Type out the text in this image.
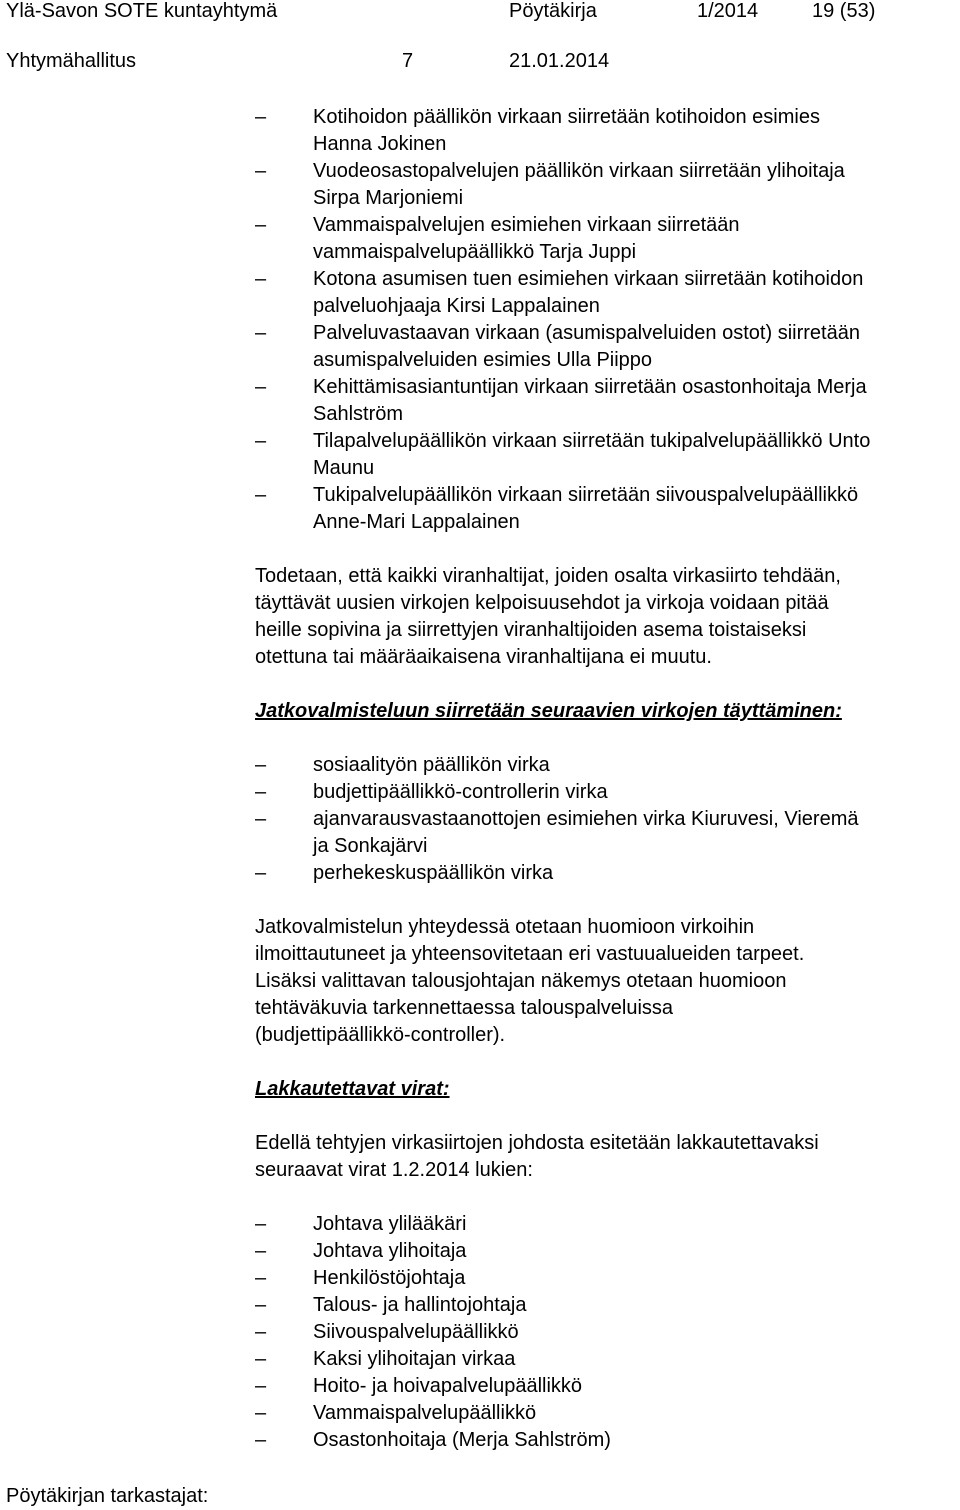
Ylä-Savon SOTE kuntayhtymä	Pöytäkirja	1/2014	19 (53)
Yhtymähallitus	7	21.01.2014
–	Kotihoidon päällikön virkaan siirretään kotihoidon esimies
Hanna Jokinen
–	Vuodeosastopalvelujen päällikön virkaan siirretään ylihoitaja
Sirpa Marjoniemi
–	Vammaispalvelujen esimiehen virkaan siirretään
vammaispalvelupäällikkö Tarja Juppi
–	Kotona asumisen tuen esimiehen virkaan siirretään kotihoidon
palveluohjaaja Kirsi Lappalainen
–	Palveluvastaavan virkaan (asumispalveluiden ostot) siirretään
asumispalveluiden esimies Ulla Piippo
–	Kehittämisasiantuntijan virkaan siirretään osastonhoitaja Merja
Sahlström
–	Tilapalvelupäällikön virkaan siirretään tukipalvelupäällikkö Unto
Maunu
–	Tukipalvelupäällikön virkaan siirretään siivouspalvelupäällikkö
Anne-Mari Lappalainen
Todetaan, että kaikki viranhaltijat, joiden osalta virkasiirto tehdään,
täyttävät uusien virkojen kelpoisuusehdot ja virkoja voidaan pitää
heille sopivina ja siirrettyjen viranhaltijoiden asema toistaiseksi
otettuna tai määräaikaisena viranhaltijana ei muutu.

Jatkovalmisteluun siirretään seuraavien virkojen täyttäminen:

–	sosiaalityön päällikön virka
–	budjettipäällikkö-controllerin virka
–	ajanvarausvastaanottojen esimiehen virka Kiuruvesi, Vieremä
ja Sonkajärvi
–	perhekeskuspäällikön virka
Jatkovalmistelun yhteydessä otetaan huomioon virkoihin
ilmoittautuneet ja yhteensovitetaan eri vastuualueiden tarpeet.
Lisäksi valittavan talousjohtajan näkemys otetaan huomioon
tehtäväkuvia tarkennettaessa talouspalveluissa
(budjettipäällikkö-controller).

Lakkautettavat virat:

Edellä tehtyjen virkasiirtojen johdosta esitetään lakkautettavaksi
seuraavat virat 1.2.2014 lukien:
–	Johtava ylilääkäri
–	Johtava ylihoitaja
–	Henkilöstöjohtaja
–	Talous- ja hallintojohtaja
–	Siivouspalvelupäällikkö
–	Kaksi ylihoitajan virkaa
–	Hoito- ja hoivapalvelupäällikkö
–	Vammaispalvelupäällikkö
–	Osastonhoitaja (Merja Sahlström)
Pöytäkirjan tarkastajat:
